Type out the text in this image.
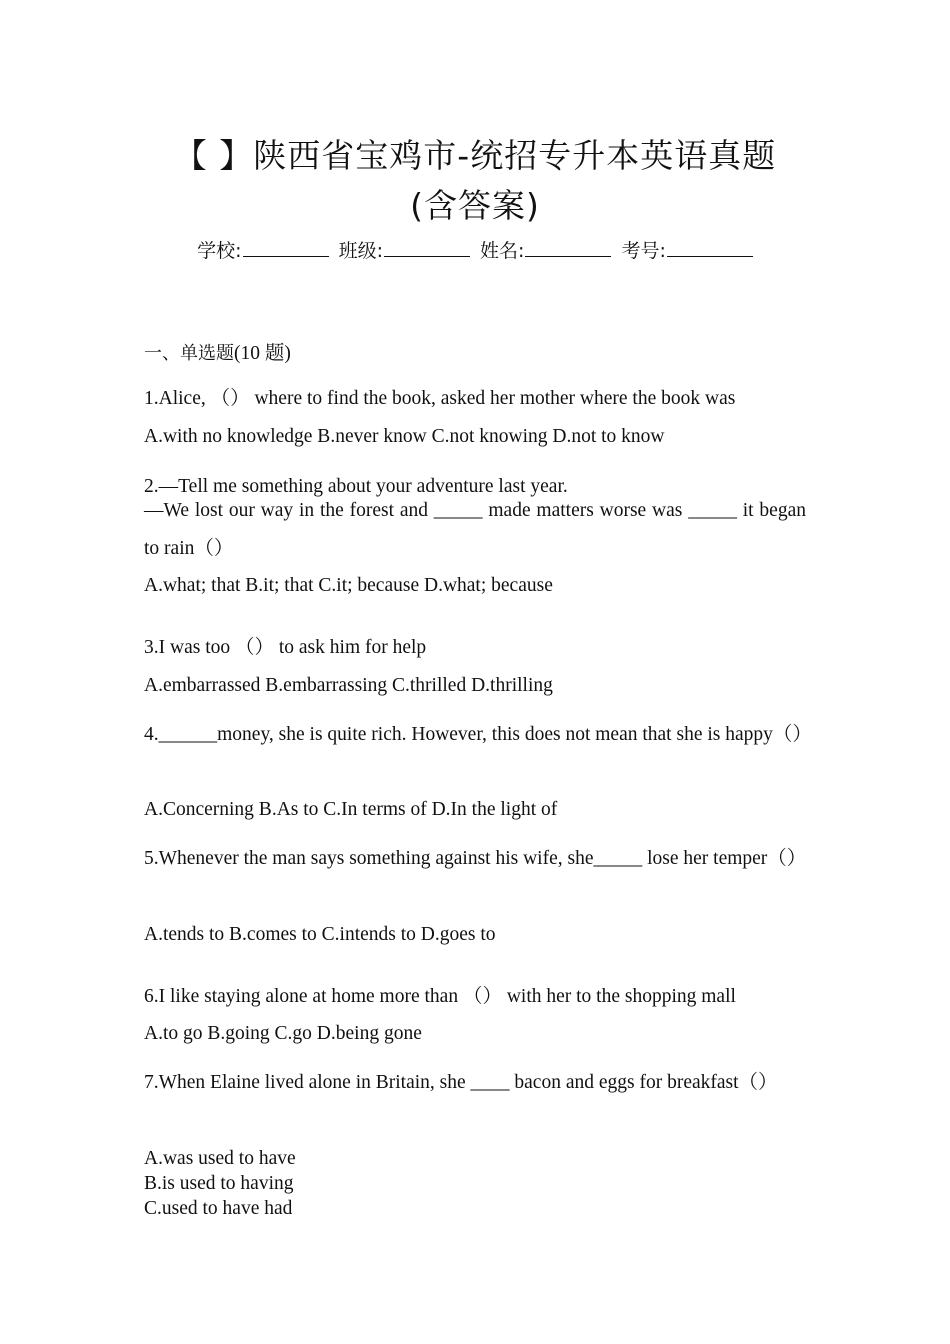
【 】陕西省宝鸡市-统招专升本英语真题
(含答案)
学校:	班级:	姓名:	考号:
一、单选题(10 题)
1.Alice, （） where to find the book, asked her mother where the book was
A.with no knowledge B.never know C.not knowing D.not to know
2.—Tell me something about your adventure last year.
—We lost our way in the forest and _____ made matters worse was _____ it began to rain（）
A.what; that B.it; that C.it; because D.what; because
3.I was too （） to ask him for help
A.embarrassed B.embarrassing C.thrilled D.thrilling
4.______money, she is quite rich. However, this does not mean that she is happy（）
A.Concerning B.As to C.In terms of D.In the light of
5.Whenever the man says something against his wife, she_____ lose her temper（）
A.tends to B.comes to C.intends to D.goes to
6.I like staying alone at home more than （） with her to the shopping mall
A.to go B.going C.go D.being gone
7.When Elaine lived alone in Britain, she ____ bacon and eggs for breakfast（）
A.was used to have
B.is used to having
C.used to have had
